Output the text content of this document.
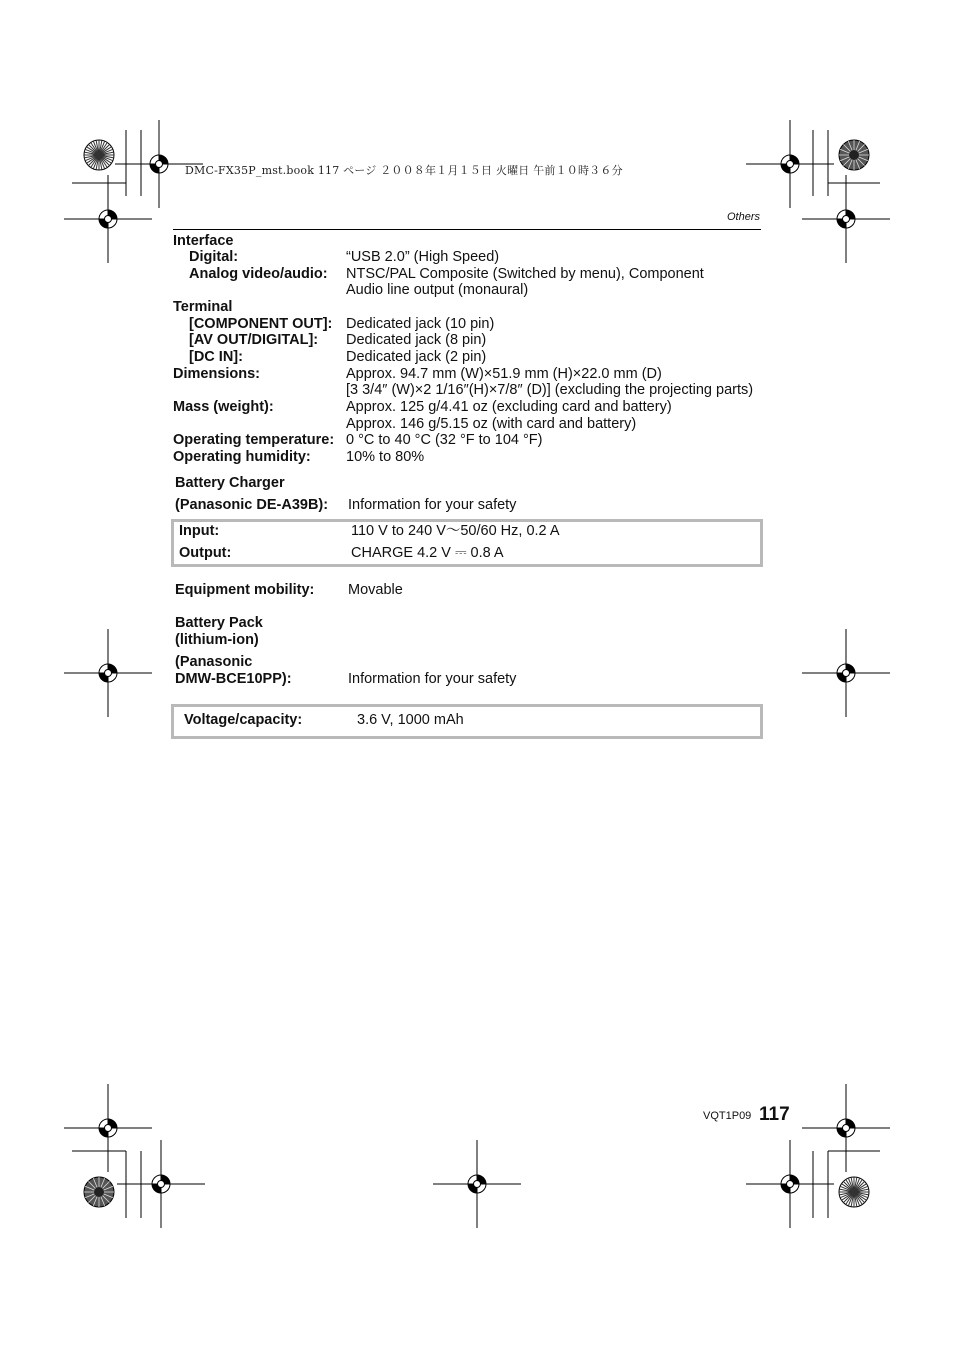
DMC-FX35P_mst.book 117 ページ ２００８年１月１５日 火曜日 午前１０時３６分
Others
Interface
Digital:	“USB 2.0” (High Speed)
Analog video/audio: NTSC/PAL Composite (Switched by menu), Component
Audio line output (monaural)
Terminal
[COMPONENT OUT]: Dedicated jack (10 pin)
[AV OUT/DIGITAL]: Dedicated jack (8 pin)
[DC IN]:	Dedicated jack (2 pin)
Dimensions:	Approx. 94.7 mm (W)×51.9 mm (H)×22.0 mm (D)
[3 3/4″ (W)×2 1/16″(H)×7/8″ (D)] (excluding the projecting parts)
Mass (weight):	Approx. 125 g/4.41 oz (excluding card and battery)
Approx. 146 g/5.15 oz (with card and battery)
Operating temperature: 0 °C to 40 °C (32 °F to 104 °F)
Operating humidity: 10% to 80%
Battery Charger
(Panasonic DE-A39B): Information for your safety
Input:	110 V to 240 V～50/60 Hz, 0.2 A
Output:	CHARGE 4.2 V ⎓ 0.8 A
Equipment mobility: Movable
Battery Pack
(lithium-ion)
(Panasonic
DMW-BCE10PP):	Information for your safety
Voltage/capacity:	3.6 V, 1000 mAh
VQT1P09 117
